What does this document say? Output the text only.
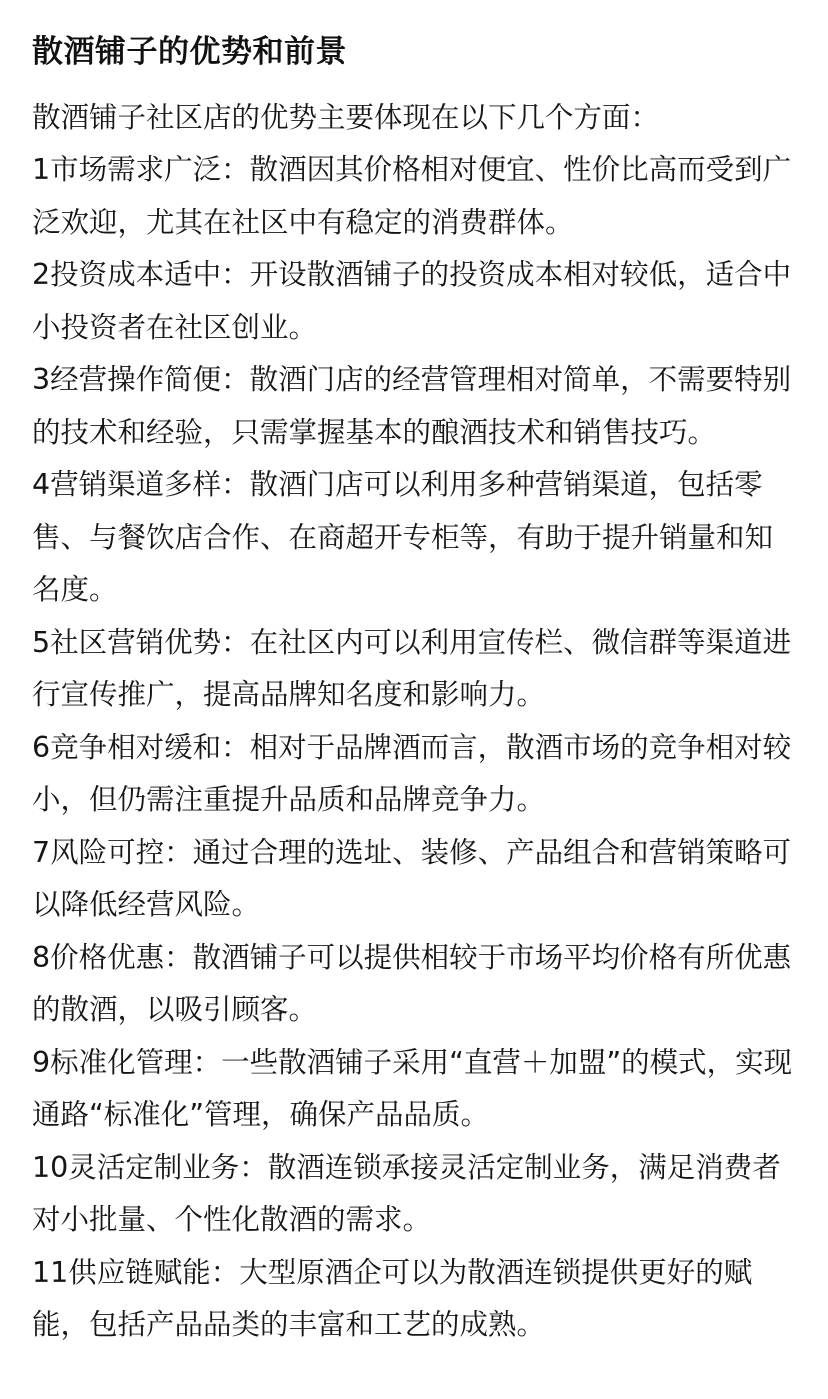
散酒铺子的优势和前景

散酒铺子社区店的优势主要体现在以下几个方面：

1市场需求广泛：散酒因其价格相对便宜、性价比高而受到广泛欢迎，尤其在社区中有稳定的消费群体。

2投资成本适中：开设散酒铺子的投资成本相对较低，适合中小投资者在社区创业。

3经营操作简便：散酒门店的经营管理相对简单，不需要特别的技术和经验，只需掌握基本的酿酒技术和销售技巧。

4营销渠道多样：散酒门店可以利用多种营销渠道，包括零售、与餐饮店合作、在商超开专柜等，有助于提升销量和知名度。

5社区营销优势：在社区内可以利用宣传栏、微信群等渠道进行宣传推广，提高品牌知名度和影响力。

6竞争相对缓和：相对于品牌酒而言，散酒市场的竞争相对较小，但仍需注重提升品质和品牌竞争力。

7风险可控：通过合理的选址、装修、产品组合和营销策略可以降低经营风险。

8价格优惠：散酒铺子可以提供相较于市场平均价格有所优惠的散酒，以吸引顾客。

9标准化管理：一些散酒铺子采用“直营＋加盟”的模式，实现通路“标准化”管理，确保产品品质。

10灵活定制业务：散酒连锁承接灵活定制业务，满足消费者对小批量、个性化散酒的需求。

11供应链赋能：大型原酒企可以为散酒连锁提供更好的赋能，包括产品品类的丰富和工艺的成熟。
